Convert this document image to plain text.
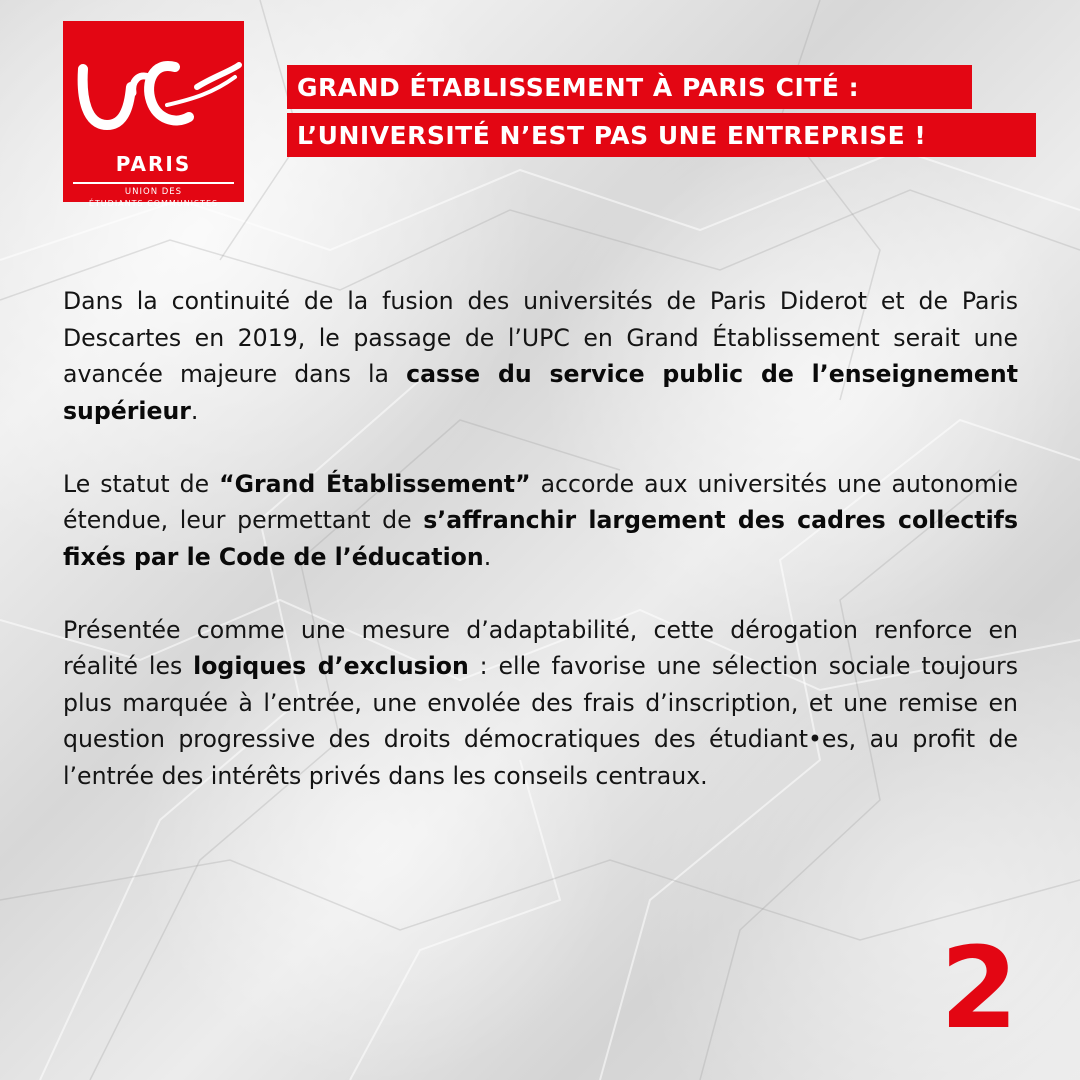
PARIS
UNION DES
ÉTUDIANTS COMMUNISTES
GRAND ÉTABLISSEMENT À PARIS CITÉ :
L’UNIVERSITÉ N’EST PAS UNE ENTREPRISE !

Dans la continuité de la fusion des universités de Paris Diderot et de Paris Descartes en 2019, le passage de l’UPC en Grand Établissement serait une avancée majeure dans la casse du service public de l’enseignement supérieur.

Le statut de “Grand Établissement” accorde aux universités une autonomie étendue, leur permettant de s’affranchir largement des cadres collectifs fixés par le Code de l’éducation.

Présentée comme une mesure d’adaptabilité, cette dérogation renforce en réalité les logiques d’exclusion : elle favorise une sélection sociale toujours plus marquée à l’entrée, une envolée des frais d’inscription, et une remise en question progressive des droits démocratiques des étudiant•es, au profit de l’entrée des intérêts privés dans les conseils centraux.

2
